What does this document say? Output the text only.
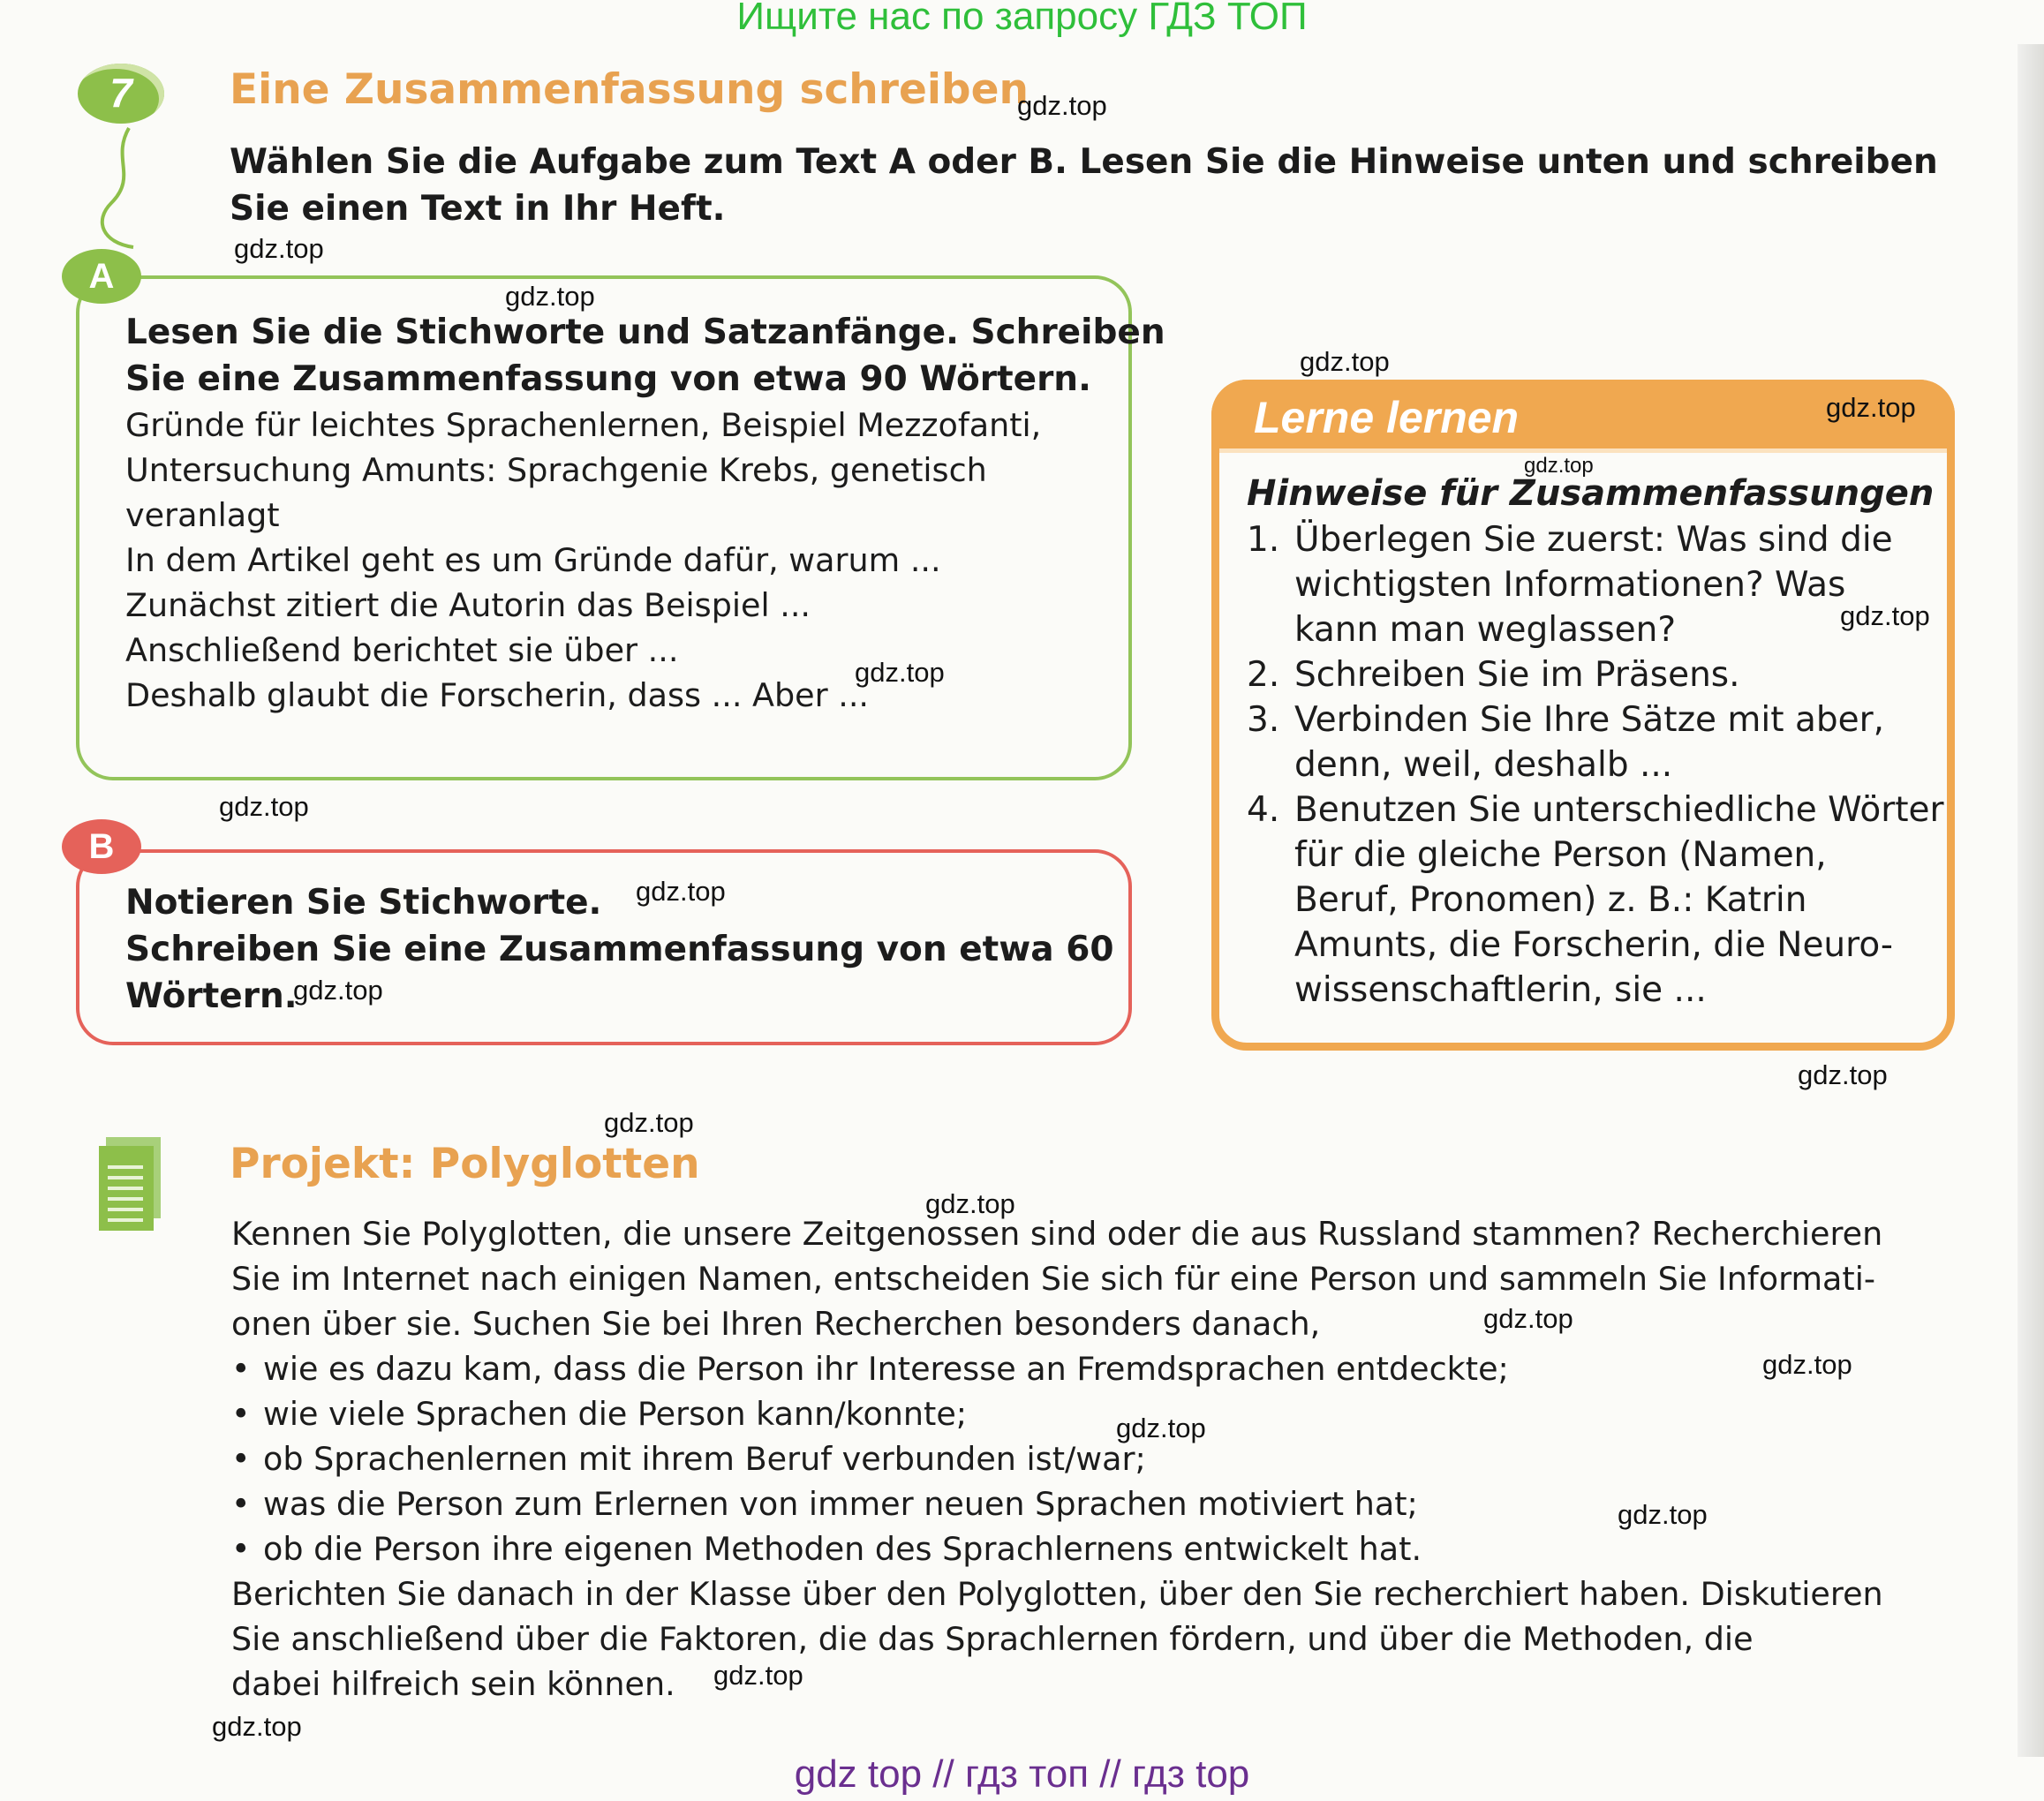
Ищите нас по запросу ГДЗ ТОП
7	Eine Zusammenfassung schreiben
Wählen Sie die Aufgabe zum Text A oder B. Lesen Sie die Hinweise unten und schreiben
Sie einen Text in Ihr Heft.
A
Lesen Sie die Stichworte und Satzanfänge. Schreiben
Sie eine Zusammenfassung von etwa 90 Wörtern.
Gründe für leichtes Sprachenlernen, Beispiel Mezzofanti,
Untersuchung Amunts: Sprachgenie Krebs, genetisch
veranlagt
In dem Artikel geht es um Gründe dafür, warum ...
Zunächst zitiert die Autorin das Beispiel ...
Anschließend berichtet sie über ...
Deshalb glaubt die Forscherin, dass ... Aber ...
B
Notieren Sie Stichworte.
Schreiben Sie eine Zusammenfassung von etwa 60
Wörtern.
Lerne lernen
Hinweise für Zusammenfassungen
1. Überlegen Sie zuerst: Was sind die
wichtigsten Informationen? Was
kann man weglassen?
2. Schreiben Sie im Präsens.
3. Verbinden Sie Ihre Sätze mit aber,
denn, weil, deshalb ...
4. Benutzen Sie unterschiedliche Wörter
für die gleiche Person (Namen,
Beruf, Pronomen) z. B.: Katrin
Amunts, die Forscherin, die Neuro-
wissenschaftlerin, sie ...
Projekt: Polyglotten
Kennen Sie Polyglotten, die unsere Zeitgenossen sind oder die aus Russland stammen? Recherchieren
Sie im Internet nach einigen Namen, entscheiden Sie sich für eine Person und sammeln Sie Informati-
onen über sie. Suchen Sie bei Ihren Recherchen besonders danach,
• wie es dazu kam, dass die Person ihr Interesse an Fremdsprachen entdeckte;
• wie viele Sprachen die Person kann/konnte;
• ob Sprachenlernen mit ihrem Beruf verbunden ist/war;
• was die Person zum Erlernen von immer neuen Sprachen motiviert hat;
• ob die Person ihre eigenen Methoden des Sprachlernens entwickelt hat.
Berichten Sie danach in der Klasse über den Polyglotten, über den Sie recherchiert haben. Diskutieren
Sie anschließend über die Faktoren, die das Sprachlernen fördern, und über die Methoden, die
dabei hilfreich sein können.
gdz.top
gdz.top
gdz.top
gdz.top
gdz.top
gdz.top
gdz.top
gdz.top
gdz.top
gdz.top
gdz.top
gdz.top
gdz.top
gdz.top
gdz.top
gdz.top
gdz.top
gdz.top
gdz.top
gdz.top
gdz top // гдз топ // гдз top
